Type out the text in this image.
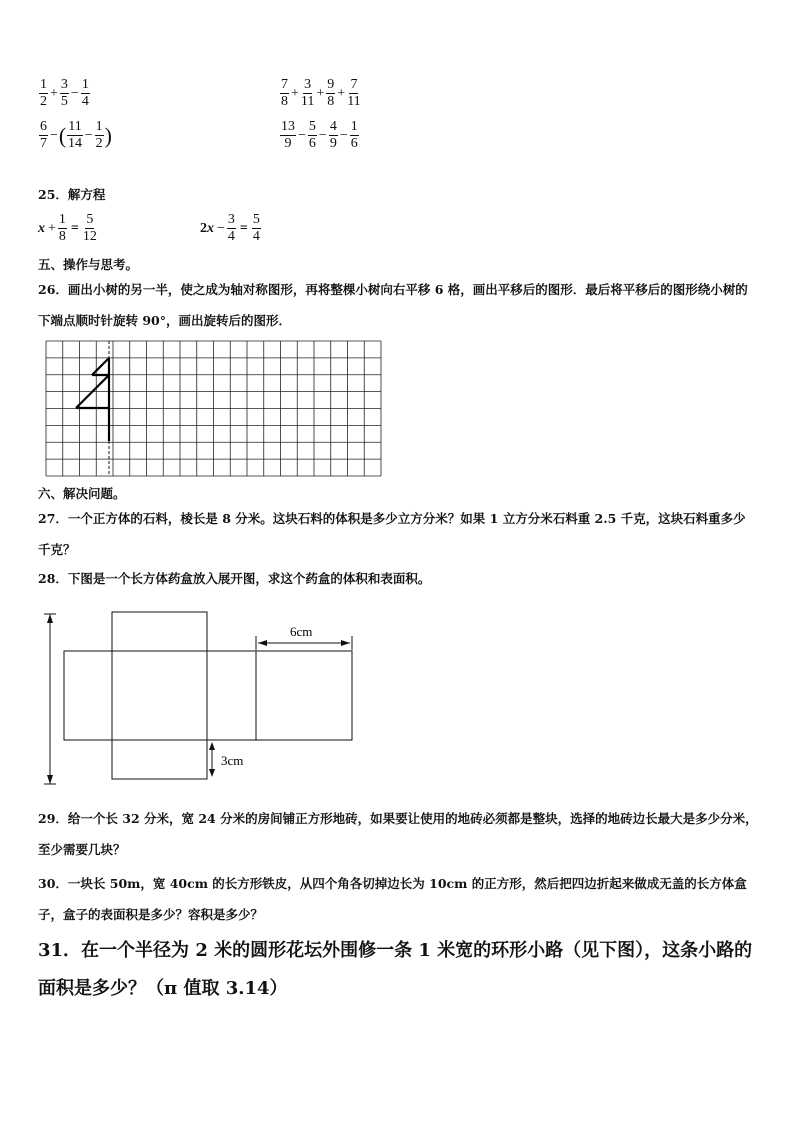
$\frac{1}{2} + \frac{3}{5} - \frac{1}{4}$	$\frac{7}{8} + \frac{3}{11} + \frac{9}{8} + \frac{7}{11}$
$\frac{6}{7}$ − ( $\frac{11}{14} - \frac{1}{2}$ )	$\frac{13}{9} - \frac{5}{6} - \frac{4}{9} - \frac{1}{6}$
25．解方程
$x + \frac{1}{8} = \frac{5}{12}$	2 $x - \frac{3}{4} = \frac{5}{4}$
五、操作与思考。
26．画出小树的另一半，使之成为轴对称图形，再将整棵小树向右平移 6 格，画出平移后的图形．最后将平移后的图形绕小树的下端点顺时针旋转 90°，画出旋转后的图形．
六、解决问题。
27．一个正方体的石料，棱长是 8 分米。这块石料的体积是多少立方分米？如果 1 立方分米石料重 2.5 千克，这块石料重多少千克？
28．下图是一个长方体药盒放入展开图，求这个药盒的体积和表面积。
6cm
3cm
29．给一个长 32 分米，宽 24 分米的房间铺正方形地砖，如果要让使用的地砖必须都是整块，选择的地砖边长最大是多少分米，至少需要几块？
30．一块长 50m，宽 40cm 的长方形铁皮，从四个角各切掉边长为 10cm 的正方形，然后把四边折起来做成无盖的长方体盒子，盒子的表面积是多少？容积是多少？
31．在一个半径为 2 米的圆形花坛外围修一条 1 米宽的环形小路（见下图），这条小路的面积是多少？（π 值取 3.14）
